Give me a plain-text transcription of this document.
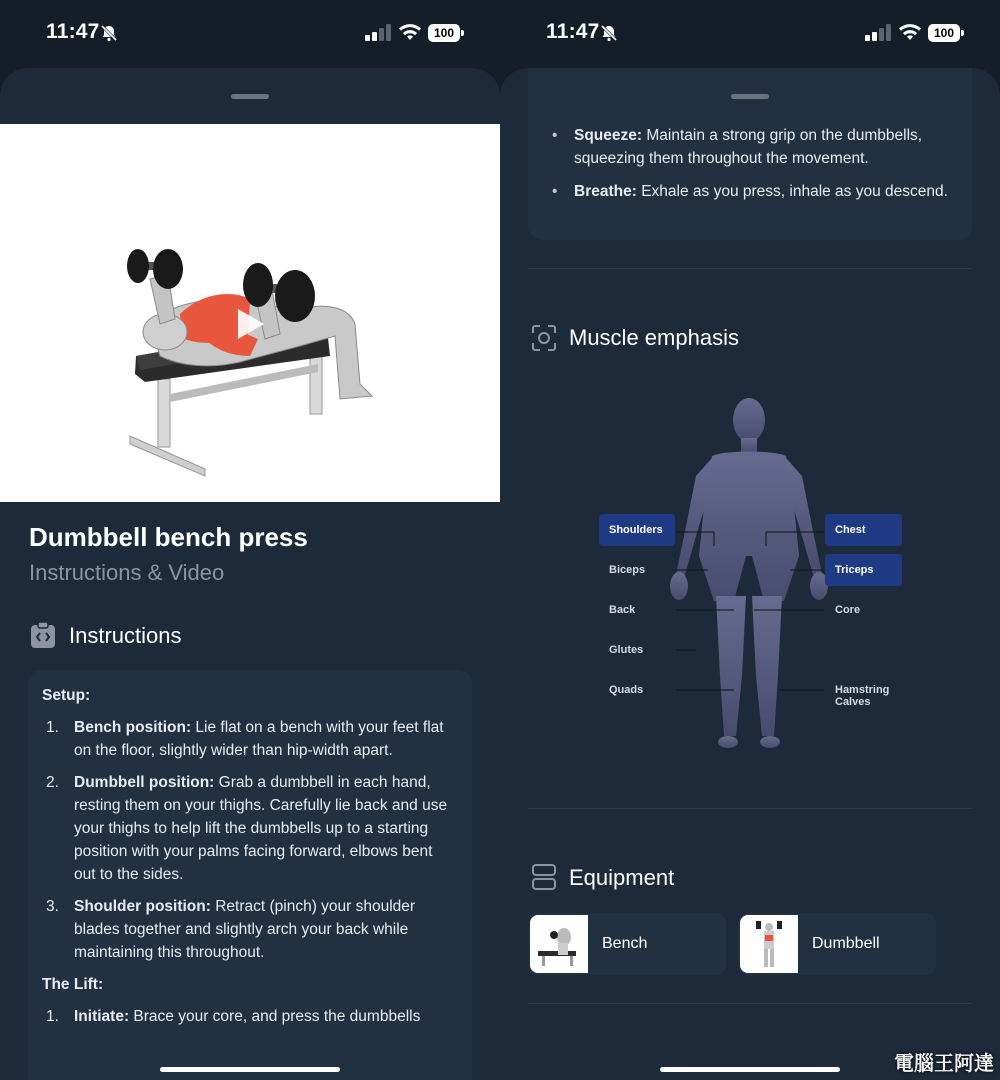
11:47	100
Dumbbell bench press
Instructions & Video
Instructions
Setup:
1. Bench position: Lie flat on a bench with your feet flat on the floor, slightly wider than hip-width apart.
2. Dumbbell position: Grab a dumbbell in each hand, resting them on your thighs. Carefully lie back and use your thighs to help lift the dumbbells up to a starting position with your palms facing forward, elbows bent out to the sides.
3. Shoulder position: Retract (pinch) your shoulder blades together and slightly arch your back while maintaining this throughout.
The Lift:
1. Initiate: Brace your core, and press the dumbbells
11:47	100
• Squeeze: Maintain a strong grip on the dumbbells, squeezing them throughout the movement.
• Breathe: Exhale as you press, inhale as you descend.
Muscle emphasis
Shoulders
Biceps
Back
Glutes
Quads
Chest
Triceps
Core
Hamstring
Calves
Equipment
Bench	Dumbbell
電腦王阿達
